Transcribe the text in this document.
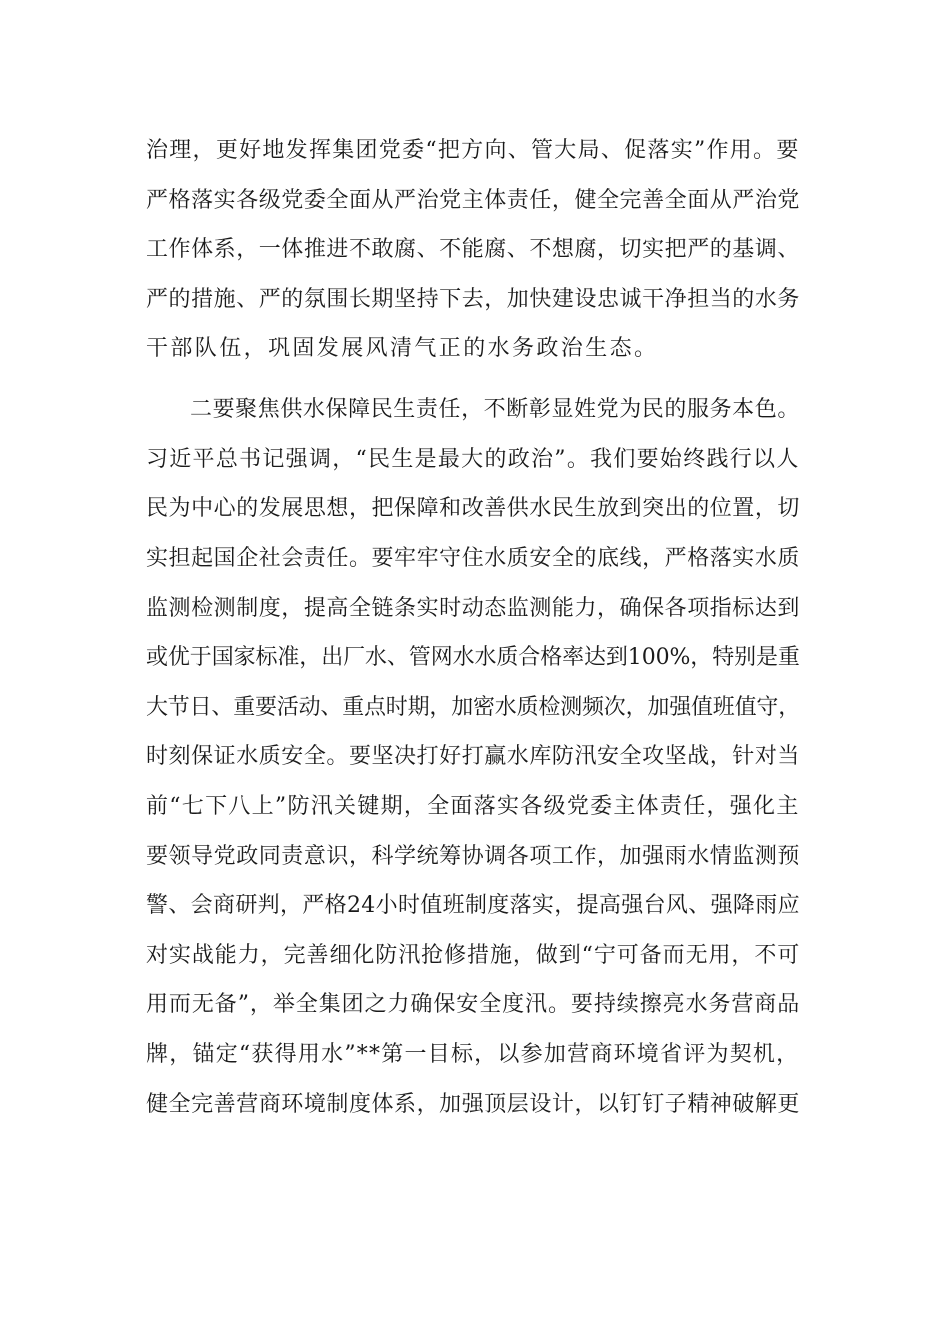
治理，更好地发挥集团党委“把方向、管大局、促落实”作用。要
严格落实各级党委全面从严治党主体责任，健全完善全面从严治党
工作体系，一体推进不敢腐、不能腐、不想腐，切实把严的基调、
严的措施、严的氛围长期坚持下去，加快建设忠诚干净担当的水务
干部队伍，巩固发展风清气正的水务政治生态。
二要聚焦供水保障民生责任，不断彰显姓党为民的服务本色。
习近平总书记强调，“民生是最大的政治”。我们要始终践行以人
民为中心的发展思想，把保障和改善供水民生放到突出的位置，切
实担起国企社会责任。要牢牢守住水质安全的底线，严格落实水质
监测检测制度，提高全链条实时动态监测能力，确保各项指标达到
或优于国家标准，出厂水、管网水水质合格率达到100%，特别是重
大节日、重要活动、重点时期，加密水质检测频次，加强值班值守，
时刻保证水质安全。要坚决打好打赢水库防汛安全攻坚战，针对当
前“七下八上”防汛关键期，全面落实各级党委主体责任，强化主
要领导党政同责意识，科学统筹协调各项工作，加强雨水情监测预
警、会商研判，严格24小时值班制度落实，提高强台风、强降雨应
对实战能力，完善细化防汛抢修措施，做到“宁可备而无用，不可
用而无备”，举全集团之力确保安全度汛。要持续擦亮水务营商品
牌，锚定“获得用水”**第一目标，以参加营商环境省评为契机，
健全完善营商环境制度体系，加强顶层设计，以钉钉子精神破解更
